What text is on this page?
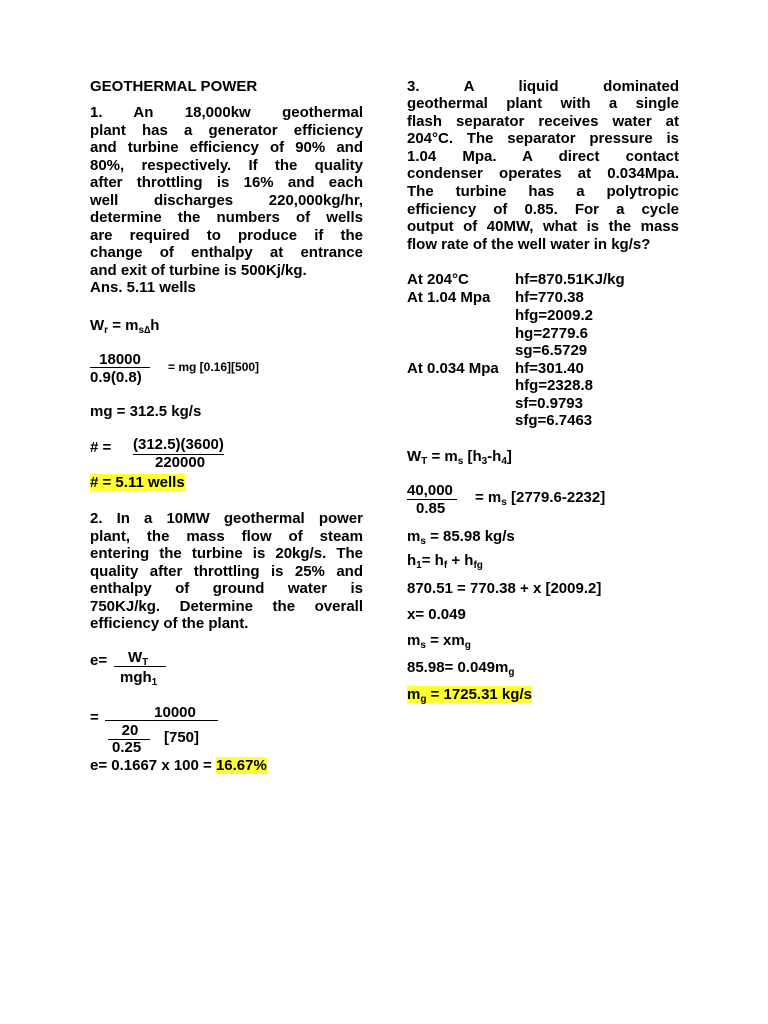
GEOTHERMAL POWER
1. An 18,000kw geothermal
plant has a generator efficiency
and turbine efficiency of 90% and
80%, respectively. If the quality
after throttling is 16% and each
well discharges 220,000kg/hr,
determine the numbers of wells
are required to produce if the
change of enthalpy at entrance
and exit of turbine is 500Kj/kg.
Ans. 5.11 wells
$W_r = m_{s\Delta}h$
18000
0.9(0.8)
= mg [0.16][500]
mg = 312.5 kg/s
# = (312.5)(3600)
220000
# = 5.11 wells
2. In a 10MW geothermal power
plant, the mass flow of steam
entering the turbine is 20kg/s. The
quality after throttling is 25% and
enthalpy of ground water is
750KJ/kg. Determine the overall
efficiency of the plant.
$e= W_T$
mgh$_1$
=	10000
20
0.25
[750]
e= 0.1667 x 100 = 16.67%
3. A liquid dominated
geothermal plant with a single
flash separator receives water at
204°C. The separator pressure is
1.04 Mpa. A direct contact
condenser operates at 0.034Mpa.
The turbine has a polytropic
efficiency of 0.85. For a cycle
output of 40MW, what is the mass
flow rate of the well water in kg/s?
At 204°C	hf=870.51KJ/kg
At 1.04 Mpa hf=770.38
hfg=2009.2
hg=2779.6
sg=6.5729
At 0.034 Mpa hf=301.40
hfg=2328.8
sf=0.9793
sfg=6.7463
$W_T = m_s$ $[h_3-h_4]$
40,000
0.85
= $m_s$ [2779.6-2232]
$m_s = 85.98$ kg/s
$h_1= h_f + h_{fg}$
870.51 = 770.38 + x [2009.2]
x= 0.049
$m_s = xm_g$
$85.98= 0.049m_g$
$m_g = 1725.31$ kg/s
